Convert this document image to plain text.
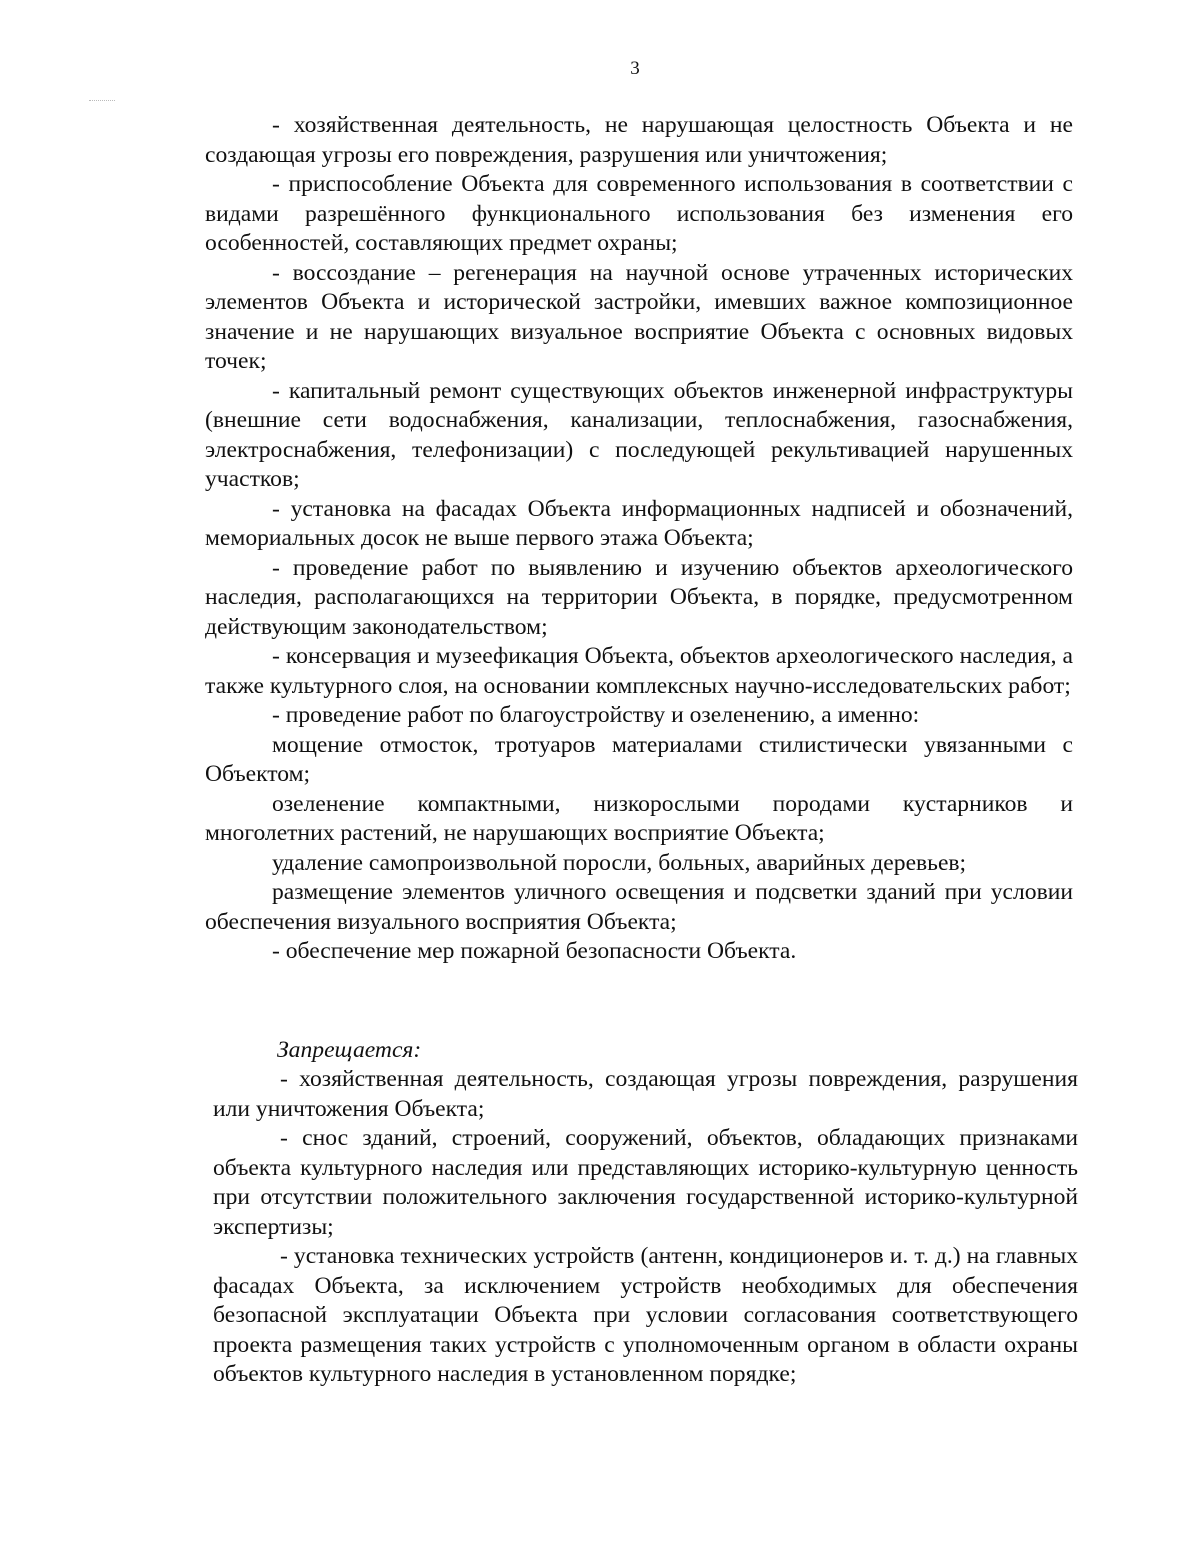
3

- хозяйственная деятельность, не нарушающая целостность Объекта и не создающая угрозы его повреждения, разрушения или уничтожения;

- приспособление Объекта для современного использования в соответствии с видами разрешённого функционального использования без изменения его особенностей, составляющих предмет охраны;

- воссоздание – регенерация на научной основе утраченных исторических элементов Объекта и исторической застройки, имевших важное композиционное значение и не нарушающих визуальное восприятие Объекта с основных видовых точек;

- капитальный ремонт существующих объектов инженерной инфраструктуры (внешние сети водоснабжения, канализации, теплоснабжения, газоснабжения, электроснабжения, телефонизации) с последующей рекультивацией нарушенных участков;

- установка на фасадах Объекта информационных надписей и обозначений, мемориальных досок не выше первого этажа Объекта;

- проведение работ по выявлению и изучению объектов археологического наследия, располагающихся на территории Объекта, в порядке, предусмотренном действующим законодательством;

- консервация и музеефикация Объекта, объектов археологического наследия, а также культурного слоя, на основании комплексных научно-исследовательских работ;

- проведение работ по благоустройству и озеленению, а именно:

мощение отмосток, тротуаров материалами стилистически увязанными с Объектом;

озеленение компактными, низкорослыми породами кустарников и многолетних растений, не нарушающих восприятие Объекта;

удаление самопроизвольной поросли, больных, аварийных деревьев;

размещение элементов уличного освещения и подсветки зданий при условии обеспечения визуального восприятия Объекта;

- обеспечение мер пожарной безопасности Объекта.

Запрещается:

- хозяйственная деятельность, создающая угрозы повреждения, разрушения или уничтожения Объекта;

- снос зданий, строений, сооружений, объектов, обладающих признаками объекта культурного наследия или представляющих историко-культурную ценность при отсутствии положительного заключения государственной историко-культурной экспертизы;

- установка технических устройств (антенн, кондиционеров и. т. д.) на главных фасадах Объекта, за исключением устройств необходимых для обеспечения безопасной эксплуатации Объекта при условии согласования соответствующего проекта размещения таких устройств с уполномоченным органом в области охраны объектов культурного наследия в установленном порядке;
